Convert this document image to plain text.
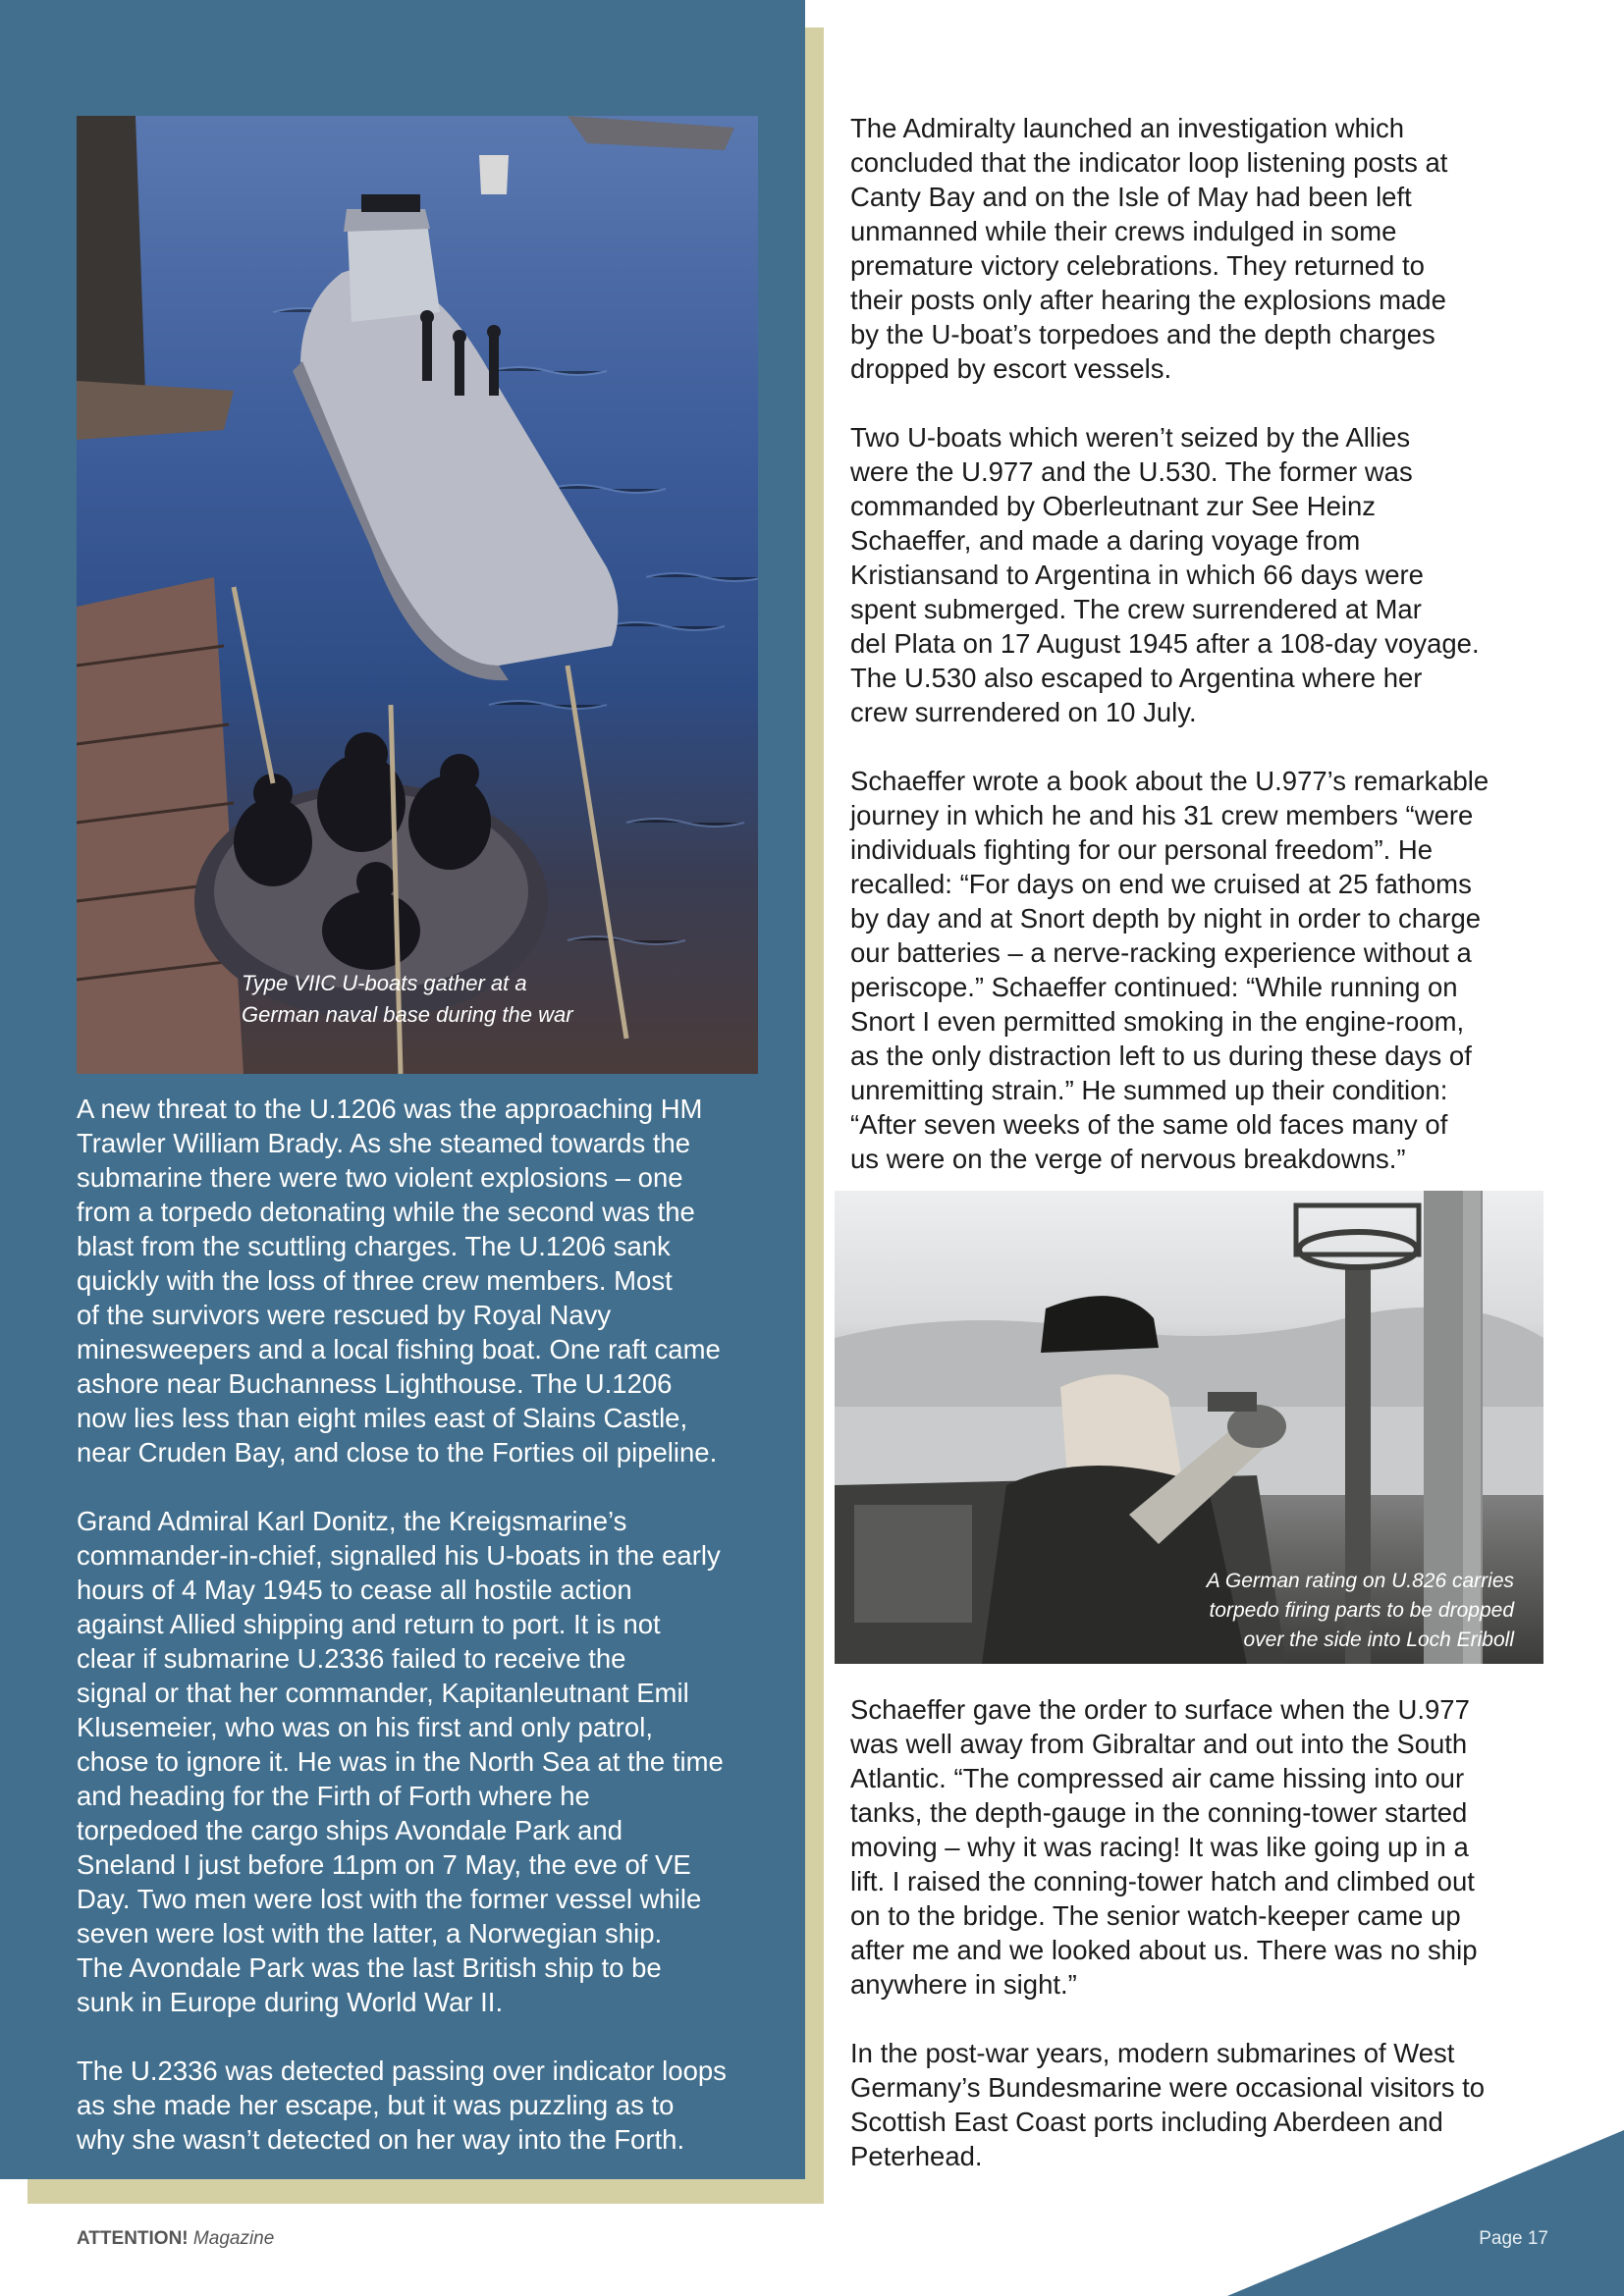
Type VIIC U-boats gather at a
German naval base during the war

A new threat to the U.1206 was the approaching HM
Trawler William Brady. As she steamed towards the
submarine there were two violent explosions – one
from a torpedo detonating while the second was the
blast from the scuttling charges. The U.1206 sank
quickly with the loss of three crew members. Most
of the survivors were rescued by Royal Navy
minesweepers and a local fishing boat. One raft came
ashore near Buchanness Lighthouse. The U.1206
now lies less than eight miles east of Slains Castle,
near Cruden Bay, and close to the Forties oil pipeline.

Grand Admiral Karl Donitz, the Kreigsmarine’s
commander-in-chief, signalled his U-boats in the early
hours of 4 May 1945 to cease all hostile action
against Allied shipping and return to port. It is not
clear if submarine U.2336 failed to receive the
signal or that her commander, Kapitanleutnant Emil
Klusemeier, who was on his first and only patrol,
chose to ignore it. He was in the North Sea at the time
and heading for the Firth of Forth where he
torpedoed the cargo ships Avondale Park and
Sneland I just before 11pm on 7 May, the eve of VE
Day. Two men were lost with the former vessel while
seven were lost with the latter, a Norwegian ship.
The Avondale Park was the last British ship to be
sunk in Europe during World War II.

The U.2336 was detected passing over indicator loops
as she made her escape, but it was puzzling as to
why she wasn’t detected on her way into the Forth.

The Admiralty launched an investigation which
concluded that the indicator loop listening posts at
Canty Bay and on the Isle of May had been left
unmanned while their crews indulged in some
premature victory celebrations. They returned to
their posts only after hearing the explosions made
by the U-boat’s torpedoes and the depth charges
dropped by escort vessels.

Two U-boats which weren’t seized by the Allies
were the U.977 and the U.530. The former was
commanded by Oberleutnant zur See Heinz
Schaeffer, and made a daring voyage from
Kristiansand to Argentina in which 66 days were
spent submerged. The crew surrendered at Mar
del Plata on 17 August 1945 after a 108-day voyage.
The U.530 also escaped to Argentina where her
crew surrendered on 10 July.

Schaeffer wrote a book about the U.977’s remarkable
journey in which he and his 31 crew members “were
individuals fighting for our personal freedom”. He
recalled: “For days on end we cruised at 25 fathoms
by day and at Snort depth by night in order to charge
our batteries – a nerve-racking experience without a
periscope.” Schaeffer continued: “While running on
Snort I even permitted smoking in the engine-room,
as the only distraction left to us during these days of
unremitting strain.” He summed up their condition:
“After seven weeks of the same old faces many of
us were on the verge of nervous breakdowns.”

A German rating on U.826 carries
torpedo firing parts to be dropped
over the side into Loch Eriboll

Schaeffer gave the order to surface when the U.977
was well away from Gibraltar and out into the South
Atlantic. “The compressed air came hissing into our
tanks, the depth-gauge in the conning-tower started
moving – why it was racing! It was like going up in a
lift. I raised the conning-tower hatch and climbed out
on to the bridge. The senior watch-keeper came up
after me and we looked about us. There was no ship
anywhere in sight.”

In the post-war years, modern submarines of West
Germany’s Bundesmarine were occasional visitors to
Scottish East Coast ports including Aberdeen and
Peterhead.

ATTENTION! Magazine	Page 17
